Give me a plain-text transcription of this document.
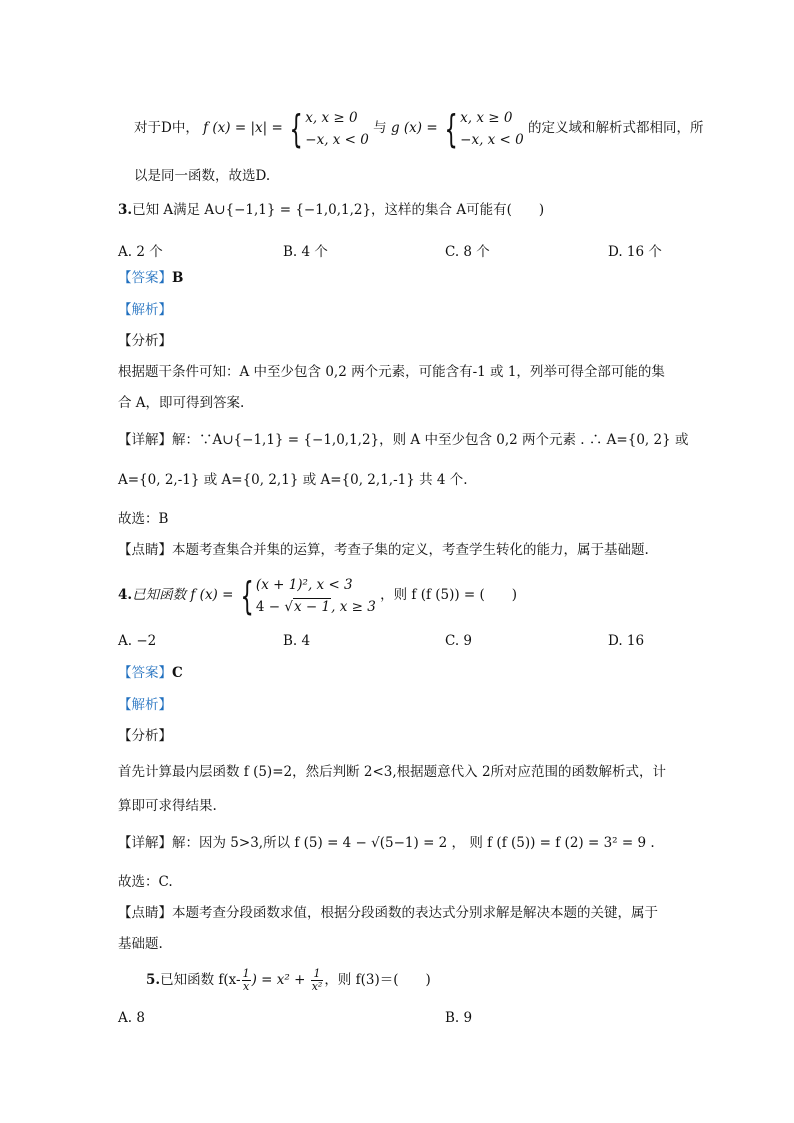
对于D中， f (x) = |x| = { x, x ≥ 0
−x, x < 0 与 g (x) = { x, x ≥ 0
−x, x < 0 的定义域和解析式都相同，所
以是同一函数，故选D.
3.已知 A满足 A∪{−1,1} = {−1,0,1,2}，这样的集合 A可能有(　　)
A. 2 个	B. 4 个	C. 8 个	D. 16 个
【答案】B
【解析】
【分析】
根据题干条件可知：A 中至少包含 0,2 两个元素，可能含有-1 或 1，列举可得全部可能的集
合 A，即可得到答案.
【详解】解：∵A∪{−1,1} = {−1,0,1,2}，则 A 中至少包含 0,2 两个元素 . ∴ A={0, 2} 或
A={0, 2,-1} 或 A={0, 2,1} 或 A={0, 2,1,-1} 共 4 个.
故选：B
【点睛】本题考查集合并集的运算，考查子集的定义，考查学生转化的能力，属于基础题.
4.已知函数 f (x) = { (x + 1)², x < 3
4 − √x − 1, x ≥ 3 ，则 f (f (5)) = (　　)
A. −2	B. 4	C. 9	D. 16
【答案】C
【解析】
【分析】
首先计算最内层函数 f (5)=2，然后判断 2<3,根据题意代入 2所对应范围的函数解析式，计
算即可求得结果.
【详解】解：因为 5>3,所以 f (5) = 4 − √(5−1) = 2 ， 则 f (f (5)) = f (2) = 3² = 9 .
故选：C.
【点睛】本题考查分段函数求值，根据分段函数的表达式分别求解是解决本题的关键，属于
基础题.
5.已知函数 $f(x- \frac{1}{x}$ ) = $x^2 + \frac{1}{\text{x²}}$ ，则 f(3)＝(　　)
A. 8	B. 9
